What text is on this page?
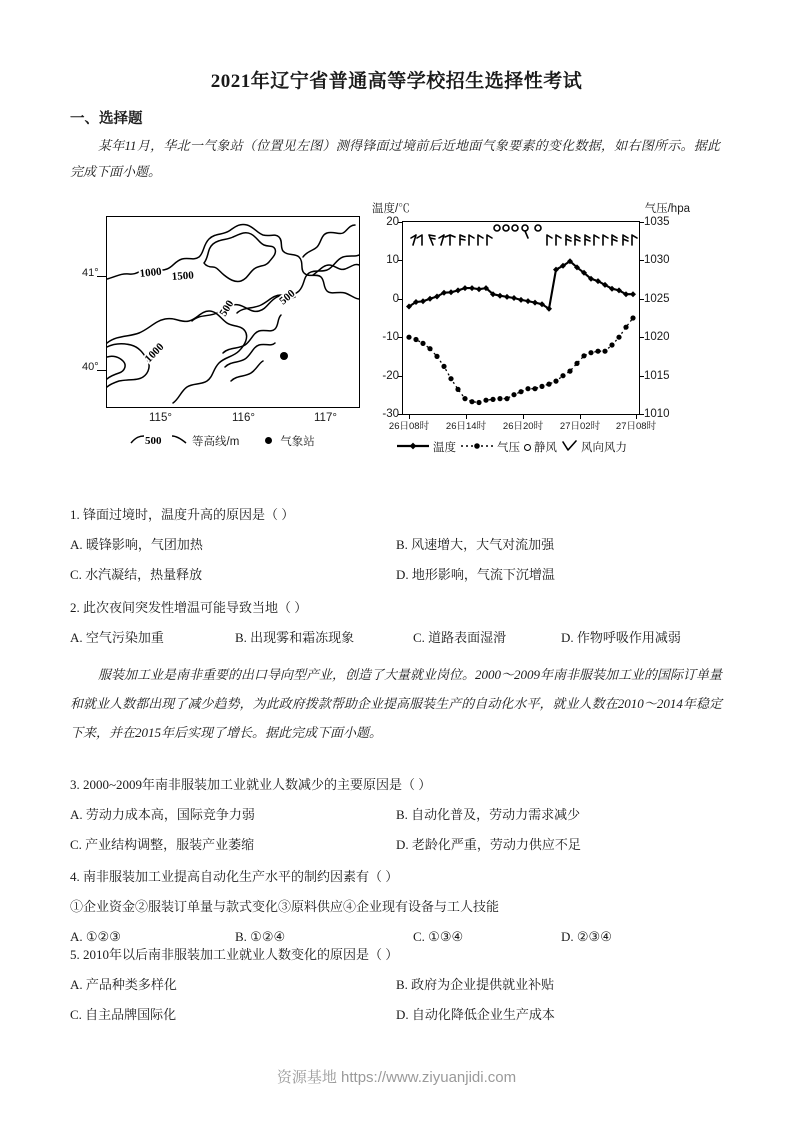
2021年辽宁省普通高等学校招生选择性考试
一、选择题
某年11月，华北一气象站（位置见左图）测得锋面过境前后近地面气象要素的变化数据，如右图所示。据此完成下面小题。
41°
40°
1000 1500
500
500
1000
115°	116°	117°
500	等高线/m	气象站
温度/℃	气压/hpa
20
10
0
-10
-20
-30
1035
1030
1025
1020
1015
1010
26日08时 26日14时 26日20时 27日02时 27日08时
温度	气压 静风 风向风力
1. 锋面过境时，温度升高的原因是（ ）
A. 暖锋影响，气团加热	B. 风速增大，大气对流加强
C. 水汽凝结，热量释放	D. 地形影响，气流下沉增温
2. 此次夜间突发性增温可能导致当地（ ）
A. 空气污染加重	B. 出现雾和霜冻现象	C. 道路表面湿滑	D. 作物呼吸作用减弱
服装加工业是南非重要的出口导向型产业，创造了大量就业岗位。2000～2009年南非服装加工业的国际订单量和就业人数都出现了减少趋势，为此政府拨款帮助企业提高服装生产的自动化水平，就业人数在2010～2014年稳定下来，并在2015年后实现了增长。据此完成下面小题。
3. 2000~2009年南非服装加工业就业人数减少的主要原因是（ ）
A. 劳动力成本高，国际竞争力弱	B. 自动化普及，劳动力需求减少
C. 产业结构调整，服装产业萎缩	D. 老龄化严重，劳动力供应不足
4. 南非服装加工业提高自动化生产水平的制约因素有（ ）
①企业资金②服装订单量与款式变化③原料供应④企业现有设备与工人技能
A. ①②③	B. ①②④	C. ①③④	D. ②③④
5. 2010年以后南非服装加工业就业人数变化的原因是（ ）
A. 产品种类多样化	B. 政府为企业提供就业补贴
C. 自主品牌国际化	D. 自动化降低企业生产成本
资源基地 https://www.ziyuanjidi.com
